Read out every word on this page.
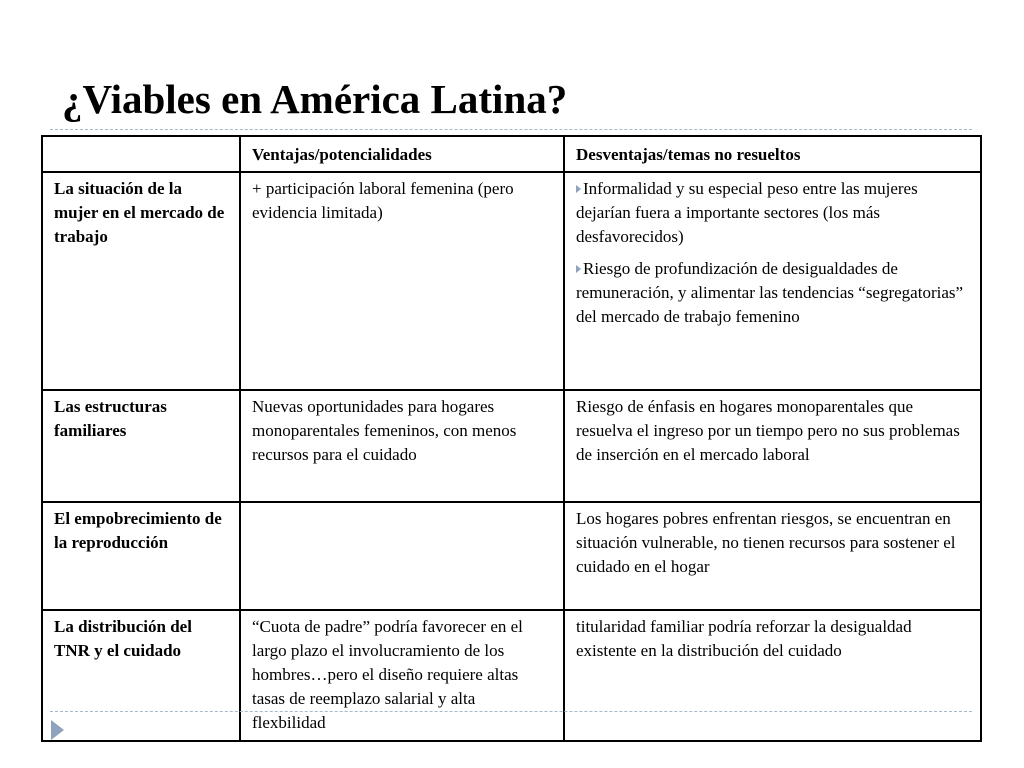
¿Viables en América Latina?
	Ventajas/potencialidades	Desventajas/temas no resueltos
La situación de la mujer en el mercado de trabajo	+ participación laboral femenina (pero evidencia limitada)	Informalidad y su especial peso entre las mujeres dejarían fuera a importante sectores (los más desfavorecidos)

Riesgo de profundización de desigualdades de remuneración, y alimentar las tendencias “segregatorias” del mercado de trabajo femenino

Las estructuras familiares	Nuevas oportunidades para hogares monoparentales femeninos, con menos recursos para el cuidado	Riesgo de énfasis en hogares monoparentales que resuelva el ingreso por un tiempo pero no sus problemas de inserción en el mercado laboral
El empobrecimiento de la reproducción		Los hogares pobres enfrentan riesgos, se encuentran en situación vulnerable, no tienen recursos para sostener el cuidado en el hogar
La distribución del TNR y el cuidado	“Cuota de padre” podría favorecer en el largo plazo el involucramiento de los hombres…pero el diseño requiere altas tasas de reemplazo salarial y alta flexbilidad	titularidad familiar podría reforzar la desigualdad existente en la distribución del cuidado
